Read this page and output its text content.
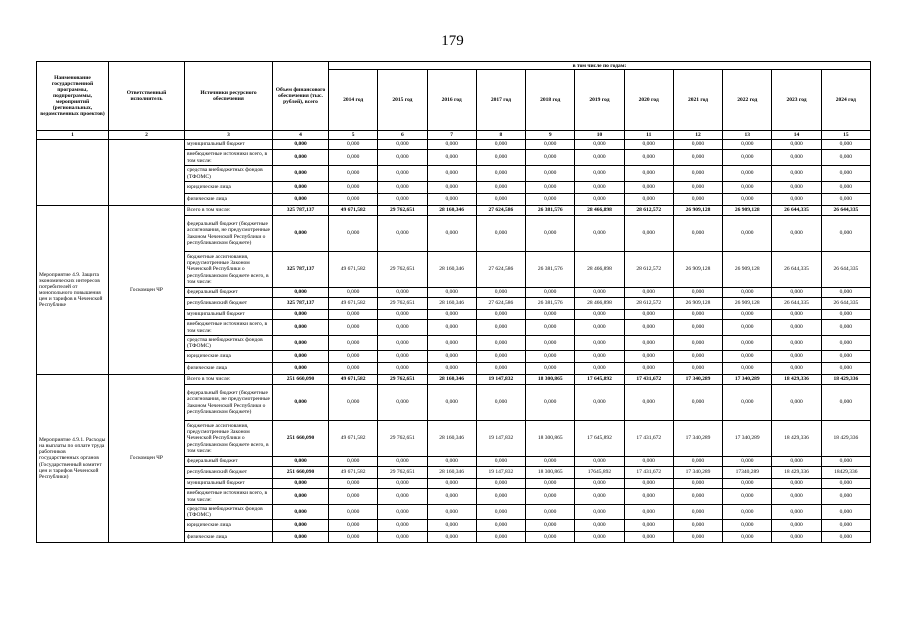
179
Наименование государственной программы, подпрограммы, мероприятий (региональных, ведомственных проектов)	Ответственный исполнитель	Источники ресурсного обеспечения	Объем финансового обеспечения (тыс. рублей), всего	в том числе по годам:										
				2014 год	2015 год	2016 год	2017 год	2018 год	2019 год	2020 год	2021 год	2022 год	2023 год	2024 год
1	2	3	4	5	6	7	8	9	10	11	12	13	14	15
		муниципальный бюджет	0,000	0,000	0,000	0,000	0,000	0,000	0,000	0,000	0,000	0,000	0,000	0,000
		внебюджетные источники всего, в том числе:	0,000	0,000	0,000	0,000	0,000	0,000	0,000	0,000	0,000	0,000	0,000	0,000
		средства внебюджетных фондов (ТФОМС)	0,000	0,000	0,000	0,000	0,000	0,000	0,000	0,000	0,000	0,000	0,000	0,000
		юридические лица	0,000	0,000	0,000	0,000	0,000	0,000	0,000	0,000	0,000	0,000	0,000	0,000
		физические лица	0,000	0,000	0,000	0,000	0,000	0,000	0,000	0,000	0,000	0,000	0,000	0,000
Мероприятие 4.9. Защита экономических интересов потребителей от монопольного повышения цен и тарифов в Чеченской Республике	Госкомцен ЧР	Всего в том числе:	325 787,137	49 671,582	29 762,651	28 160,346	27 624,586	26 381,576	28 466,898	28 612,572	26 909,128	26 909,128	26 644,335	26 644,335
		федеральный бюджет (бюджетные ассигнования, не предусмотренные Законом Чеченской Республики о республиканском бюджете)	0,000	0,000	0,000	0,000	0,000	0,000	0,000	0,000	0,000	0,000	0,000	0,000
		бюджетные ассигнования, предусмотренные Законом Чеченской Республики о республиканском бюджете всего, в том числе:	325 787,137	49 671,582	29 762,651	28 160,346	27 624,586	26 381,576	28 466,898	28 612,572	26 909,128	26 909,128	26 644,335	26 644,335
		федеральный бюджет	0,000	0,000	0,000	0,000	0,000	0,000	0,000	0,000	0,000	0,000	0,000	0,000
		республиканский бюджет	325 787,137	49 671,582	29 762,651	28 160,346	27 624,586	26 381,576	28 466,898	28 612,572	26 909,128	26 909,128	26 644,335	26 644,335
		муниципальный бюджет	0,000	0,000	0,000	0,000	0,000	0,000	0,000	0,000	0,000	0,000	0,000	0,000
		внебюджетные источники всего, в том числе:	0,000	0,000	0,000	0,000	0,000	0,000	0,000	0,000	0,000	0,000	0,000	0,000
		средства внебюджетных фондов (ТФОМС)	0,000	0,000	0,000	0,000	0,000	0,000	0,000	0,000	0,000	0,000	0,000	0,000
		юридические лица	0,000	0,000	0,000	0,000	0,000	0,000	0,000	0,000	0,000	0,000	0,000	0,000
		физические лица	0,000	0,000	0,000	0,000	0,000	0,000	0,000	0,000	0,000	0,000	0,000	0,000
Мероприятие 4.9.1. Расходы на выплаты по оплате труда работников государственных органов (Государственный комитет цен и тарифов Чеченской Республики)	Госкомцен ЧР	Всего в том числе:	251 660,090	49 671,582	29 762,651	28 160,346	19 147,832	18 300,865	17 645,892	17 431,672	17 340,289	17 340,289	18 429,336	18 429,336
		федеральный бюджет (бюджетные ассигнования, не предусмотренные Законом Чеченской Республики о республиканском бюджете)	0,000	0,000	0,000	0,000	0,000	0,000	0,000	0,000	0,000	0,000	0,000	0,000
		бюджетные ассигнования, предусмотренные Законом Чеченской Республики о республиканском бюджете всего, в том числе:	251 660,090	49 671,582	29 762,651	28 160,346	19 147,832	18 300,865	17 645,892	17 431,672	17 340,289	17 340,289	18 429,336	18 429,336
		федеральный бюджет	0,000	0,000	0,000	0,000	0,000	0,000	0,000	0,000	0,000	0,000	0,000	0,000
		республиканский бюджет	251 660,090	49 671,582	29 762,651	28 160,346	19 147,832	18 300,865	17645,892	17 431,672	17 340,289	17340,289	18 429,336	18429,336
		муниципальный бюджет	0,000	0,000	0,000	0,000	0,000	0,000	0,000	0,000	0,000	0,000	0,000	0,000
		внебюджетные источники всего, в том числе:	0,000	0,000	0,000	0,000	0,000	0,000	0,000	0,000	0,000	0,000	0,000	0,000
		средства внебюджетных фондов (ТФОМС)	0,000	0,000	0,000	0,000	0,000	0,000	0,000	0,000	0,000	0,000	0,000	0,000
		юридические лица	0,000	0,000	0,000	0,000	0,000	0,000	0,000	0,000	0,000	0,000	0,000	0,000
		физические лица	0,000	0,000	0,000	0,000	0,000	0,000	0,000	0,000	0,000	0,000	0,000	0,000
